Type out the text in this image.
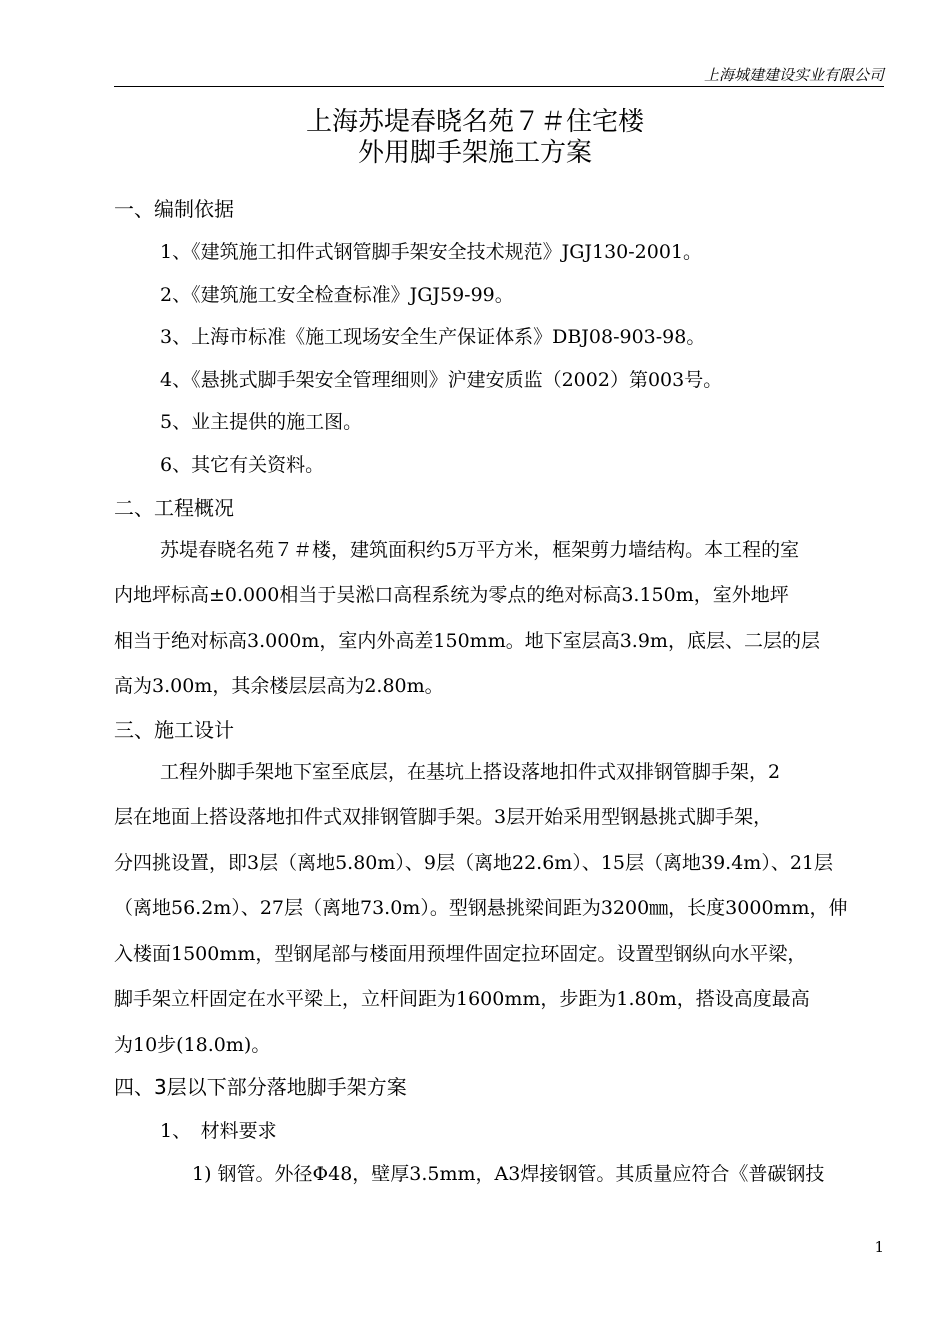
上海城建建设实业有限公司
上海苏堤春晓名苑７＃住宅楼
外用脚手架施工方案
一、编制依据
1、《建筑施工扣件式钢管脚手架安全技术规范》JGJ130-2001。
2、《建筑施工安全检查标准》JGJ59-99。
3、上海市标准《施工现场安全生产保证体系》DBJ08-903-98。
4、《悬挑式脚手架安全管理细则》沪建安质监（2002）第003号。
5、业主提供的施工图。
6、其它有关资料。
二、工程概况
苏堤春晓名苑７＃楼，建筑面积约5万平方米，框架剪力墙结构。本工程的室
内地坪标高±0.000相当于吴淞口高程系统为零点的绝对标高3.150m，室外地坪
相当于绝对标高3.000m，室内外高差150mm。地下室层高3.9m，底层、二层的层
高为3.00m，其余楼层层高为2.80m。
三、施工设计
工程外脚手架地下室至底层，在基坑上搭设落地扣件式双排钢管脚手架，2
层在地面上搭设落地扣件式双排钢管脚手架。3层开始采用型钢悬挑式脚手架，
分四挑设置，即3层（离地5.80m）、9层（离地22.6m）、15层（离地39.4m）、21层
（离地56.2m）、27层（离地73.0m）。型钢悬挑梁间距为3200㎜，长度3000mm，伸
入楼面1500mm，型钢尾部与楼面用预埋件固定拉环固定。设置型钢纵向水平梁，
脚手架立杆固定在水平梁上，立杆间距为1600mm，步距为1.80m，搭设高度最高
为10步(18.0m)。
四、3层以下部分落地脚手架方案
1、　材料要求
1) 钢管。外径Φ48，壁厚3.5mm，A3焊接钢管。其质量应符合《普碳钢技
1
